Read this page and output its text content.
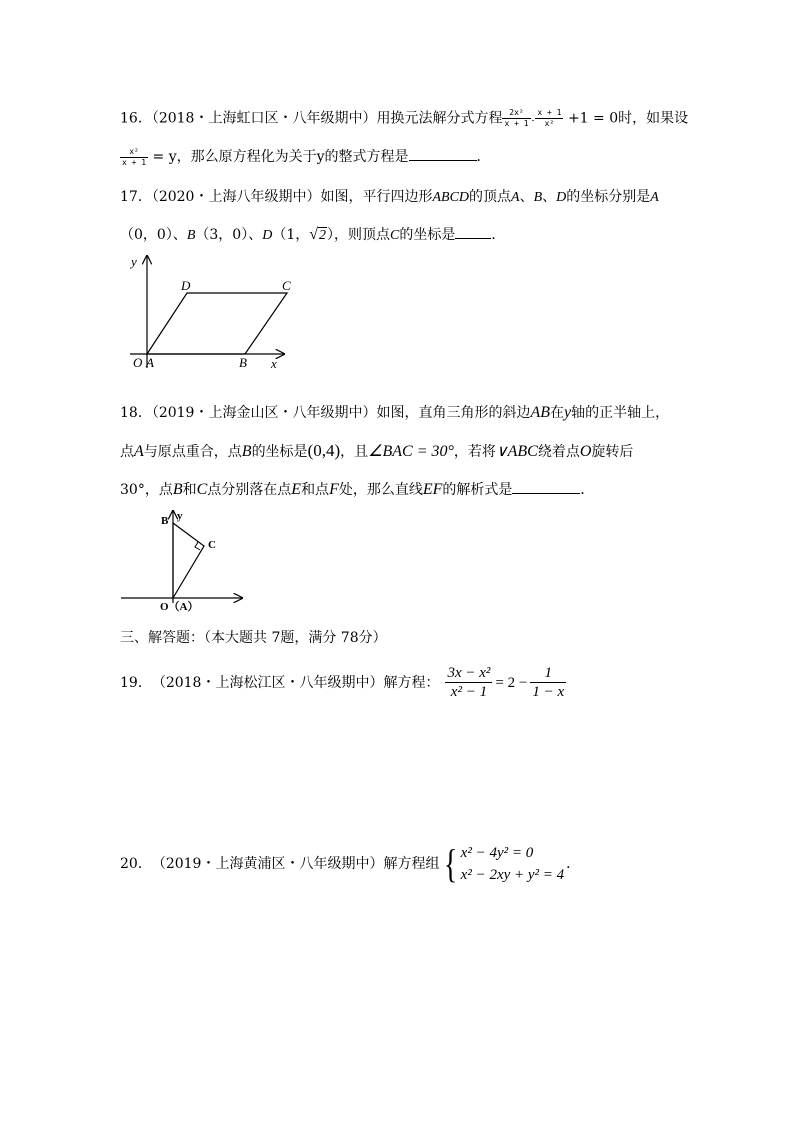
16．（2018・上海虹口区・八年级期中）用换元法解分式方程 $\frac{\text{2x²}}{x + 1} - \frac{x + 1}{\text{x²}} +1 = 0$时，如果设
$\frac{\text{x²}}{x + 1} = y$，那么原方程化为关于y的整式方程是	．
17．（2020・上海八年级期中）如图，平行四边形ABCD的顶点A、B、D的坐标分别是A
（0，0）、B（3，0）、D（1，√2），则顶点C的坐标是	．
y
x
O A	B
C
D
18．（2019・上海金山区・八年级期中）如图，直角三角形的斜边AB在y轴的正半轴上，
点A与原点重合，点B的坐标是(0,4)，且∠BAC = 30°，若将∨ABC绕着点O旋转后
30°，点B和C点分别落在点E和点F处，那么直线EF的解析式是	．
B y
C
O（A）
三、解答题：（本大题共 7题，满分 78分）
19． （2018・上海松江区・八年级期中） 解方程： $\frac{\text{3x − x²}}{\text{x² − 1}} = 2 - \frac{1}{1 - x}$
20． （2019・上海黄浦区・八年级期中） 解方程组 { x² − 4y² = 0
x² − 2xy + y² = 4
．
